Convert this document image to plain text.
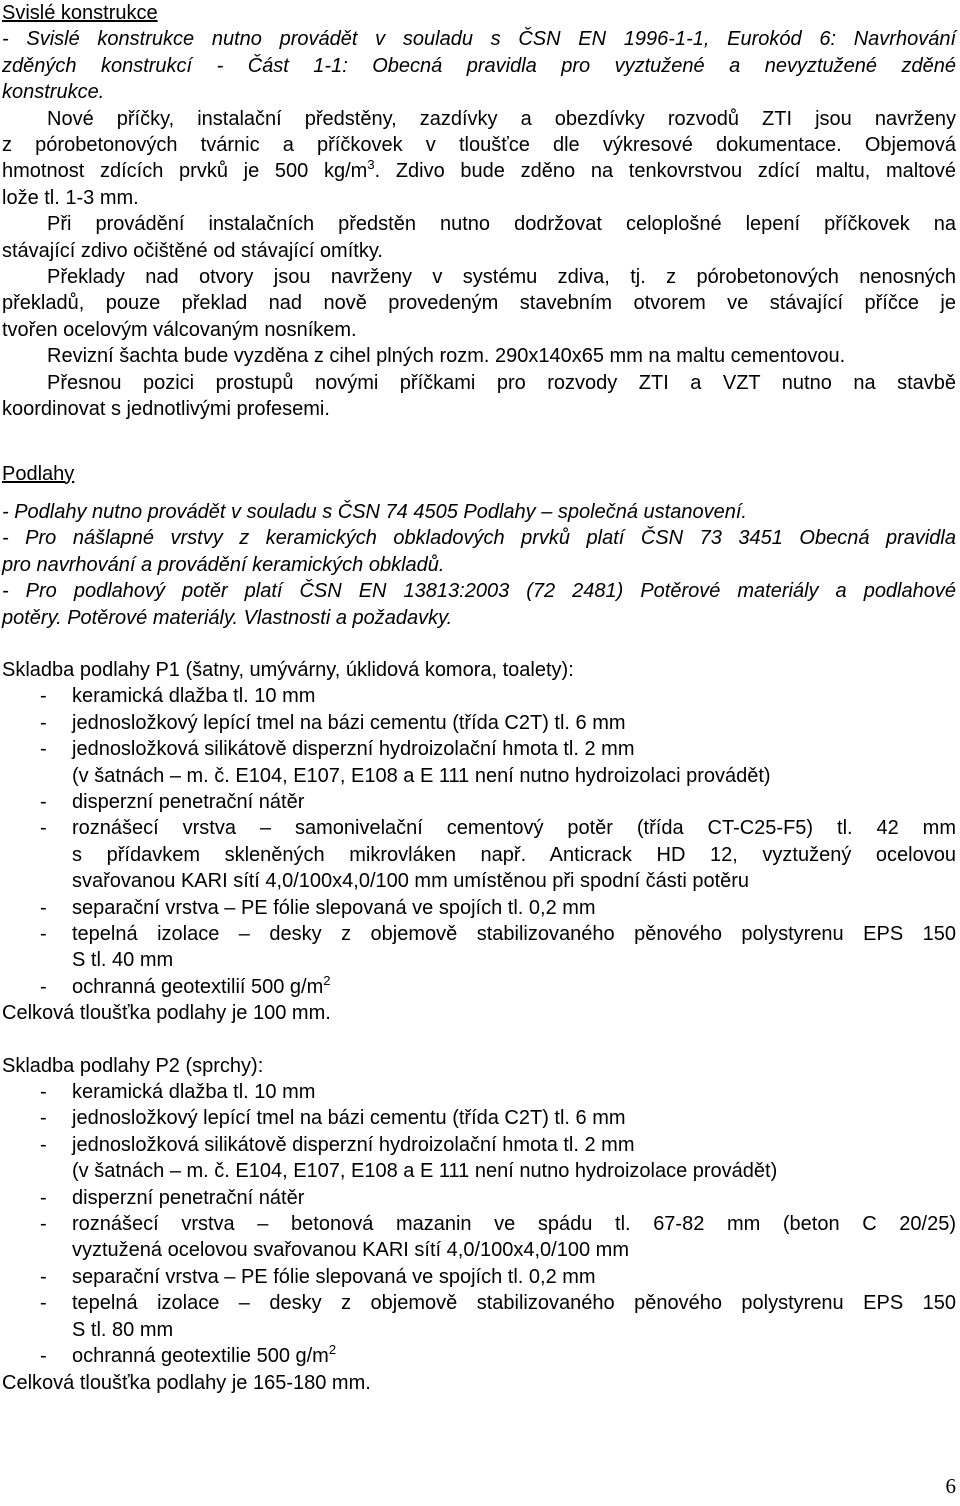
Svislé konstrukce
- Svislé konstrukce nutno provádět v souladu s ČSN EN 1996-1-1, Eurokód 6: Navrhování
zděných konstrukcí - Část 1-1: Obecná pravidla pro vyztužené a nevyztužené zděné
konstrukce.
Nové příčky, instalační předstěny, zazdívky a obezdívky rozvodů ZTI jsou navrženy
z pórobetonových tvárnic a příčkovek v tloušťce dle výkresové dokumentace. Objemová
hmotnost zdících prvků je 500 $kg/m^3$. Zdivo bude zděno na tenkovrstvou zdící maltu, maltové
lože tl. 1-3 mm.
Při provádění instalačních předstěn nutno dodržovat celoplošné lepení příčkovek na
stávající zdivo očištěné od stávající omítky.
Překlady nad otvory jsou navrženy v systému zdiva, tj. z pórobetonových nenosných
překladů, pouze překlad nad nově provedeným stavebním otvorem ve stávající příčce je
tvořen ocelovým válcovaným nosníkem.
Revizní šachta bude vyzděna z cihel plných rozm. 290x140x65 mm na maltu cementovou.
Přesnou pozici prostupů novými příčkami pro rozvody ZTI a VZT nutno na stavbě
koordinovat s jednotlivými profesemi.
Podlahy
- Podlahy nutno provádět v souladu s ČSN 74 4505 Podlahy – společná ustanovení.
- Pro nášlapné vrstvy z keramických obkladových prvků platí ČSN 73 3451 Obecná pravidla
pro navrhování a provádění keramických obkladů.
- Pro podlahový potěr platí ČSN EN 13813:2003 (72 2481) Potěrové materiály a podlahové
potěry. Potěrové materiály. Vlastnosti a požadavky.
Skladba podlahy P1 (šatny, umývárny, úklidová komora, toalety):
- keramická dlažba tl. 10 mm
- jednosložkový lepící tmel na bázi cementu (třída C2T) tl. 6 mm
- jednosložková silikátově disperzní hydroizolační hmota tl. 2 mm
(v šatnách – m. č. E104, E107, E108 a E 111 není nutno hydroizolaci provádět)
- disperzní penetrační nátěr
- roznášecí vrstva – samonivelační cementový potěr (třída CT-C25-F5) tl. 42 mm
s přídavkem skleněných mikrovláken např. Anticrack HD 12, vyztužený ocelovou
svařovanou KARI sítí 4,0/100x4,0/100 mm umístěnou při spodní části potěru
- separační vrstva – PE fólie slepovaná ve spojích tl. 0,2 mm
- tepelná izolace – desky z objemově stabilizovaného pěnového polystyrenu EPS 150
S tl. 40 mm
- ochranná geotextilií 500 $g/m^2$
Celková tloušťka podlahy je 100 mm.
Skladba podlahy P2 (sprchy):
- keramická dlažba tl. 10 mm
- jednosložkový lepící tmel na bázi cementu (třída C2T) tl. 6 mm
- jednosložková silikátově disperzní hydroizolační hmota tl. 2 mm
(v šatnách – m. č. E104, E107, E108 a E 111 není nutno hydroizolace provádět)
- disperzní penetrační nátěr
- roznášecí vrstva – betonová mazanin ve spádu tl. 67-82 mm (beton C 20/25)
vyztužená ocelovou svařovanou KARI sítí 4,0/100x4,0/100 mm
- separační vrstva – PE fólie slepovaná ve spojích tl. 0,2 mm
- tepelná izolace – desky z objemově stabilizovaného pěnového polystyrenu EPS 150
S tl. 80 mm
- ochranná geotextilie 500 $g/m^2$
Celková tloušťka podlahy je 165-180 mm.
6
